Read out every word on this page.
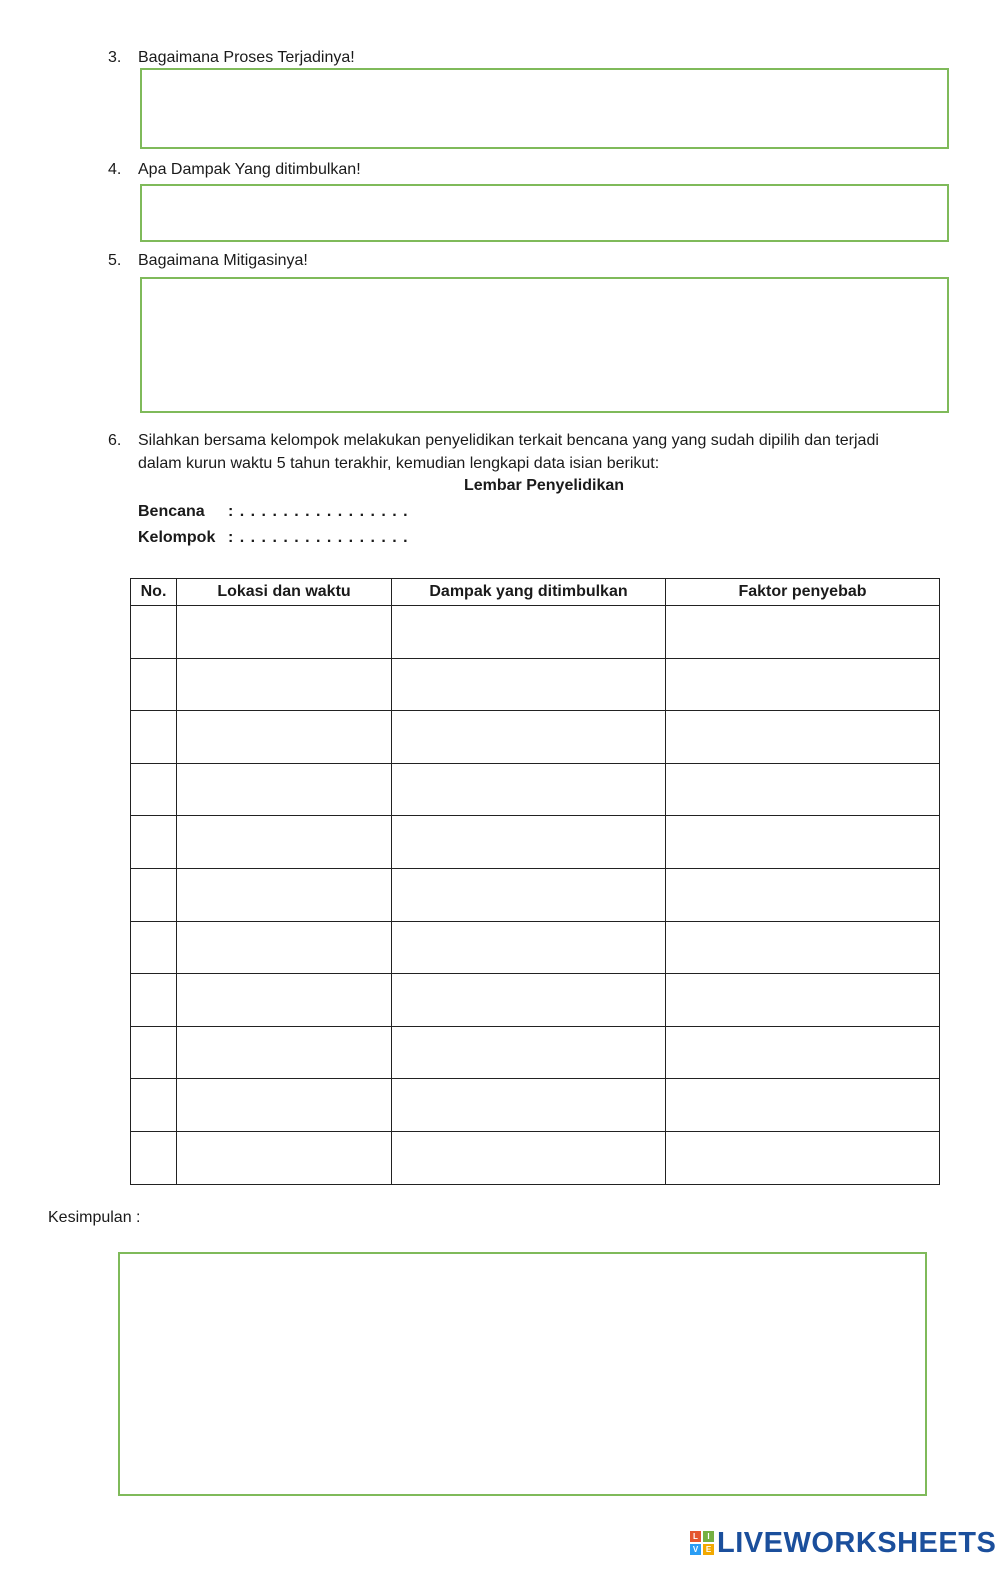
3. Bagaimana Proses Terjadinya!
4. Apa Dampak Yang ditimbulkan!
5. Bagaimana Mitigasinya!
6. Silahkan bersama kelompok melakukan penyelidikan terkait bencana yang yang sudah dipilih dan terjadi
dalam kurun waktu 5 tahun terakhir, kemudian lengkapi data isian berikut:
Lembar Penyelidikan
Bencana : . . . . . . . . . . . . . . . .
Kelompok : . . . . . . . . . . . . . . . .
No.	Lokasi dan waktu	Dampak yang ditimbulkan	Faktor penyebab

Kesimpulan :
L	I
V E LIVEWORKSHEETS
